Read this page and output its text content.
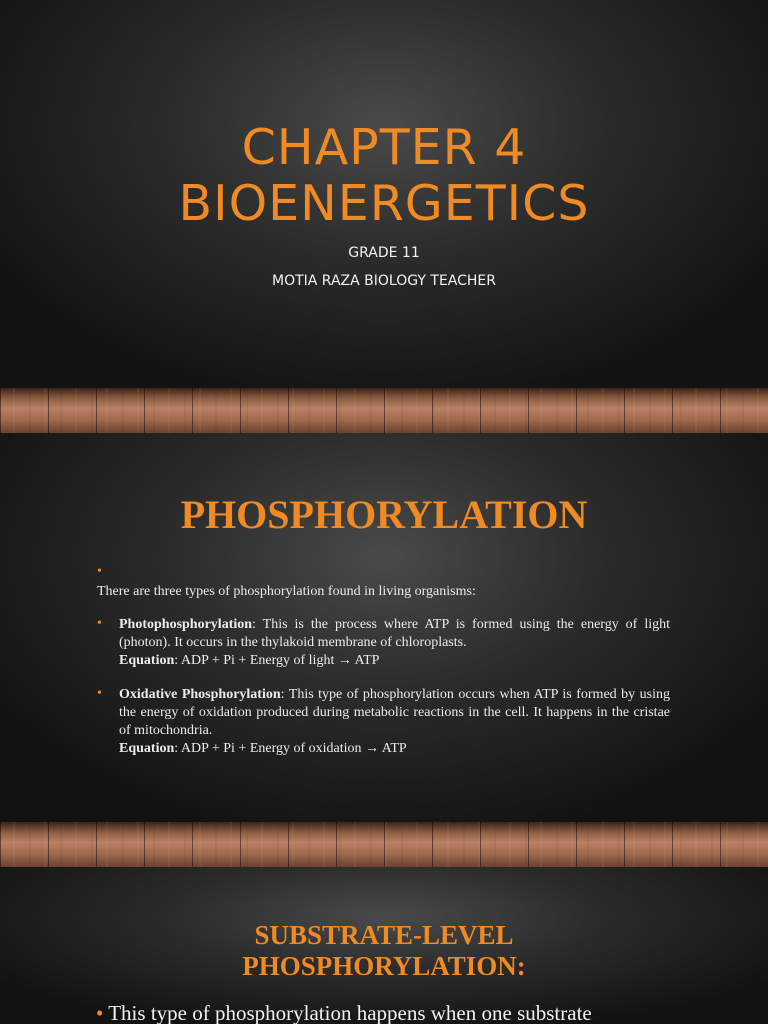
CHAPTER 4
BIOENERGETICS
GRADE 11
MOTIA RAZA BIOLOGY TEACHER
PHOSPHORYLATION
•
There are three types of phosphorylation found in living organisms:
• Photophosphorylation: This is the process where ATP is formed using the energy of light (photon). It occurs in the thylakoid membrane of chloroplasts.
Equation: ADP + Pi + Energy of light → ATP
• Oxidative Phosphorylation: This type of phosphorylation occurs when ATP is formed by using the energy of oxidation produced during metabolic reactions in the cell. It happens in the cristae of mitochondria.
Equation: ADP + Pi + Energy of oxidation → ATP
SUBSTRATE-LEVEL
PHOSPHORYLATION:
• This type of phosphorylation happens when one substrate
